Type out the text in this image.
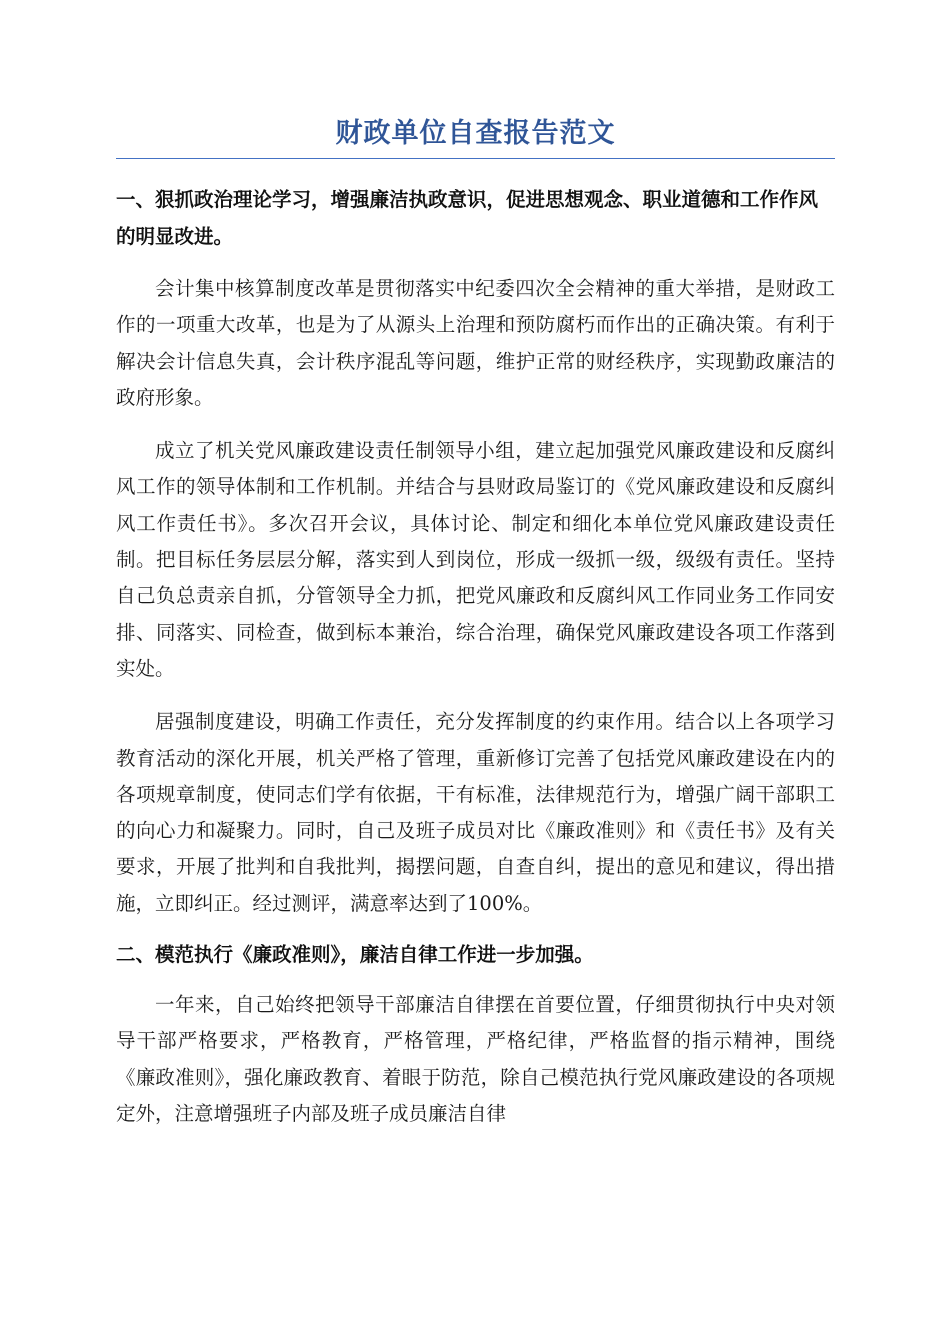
财政单位自查报告范文
一、狠抓政治理论学习，增强廉洁执政意识，促进思想观念、职业道德和工作作风的明显改进。

会计集中核算制度改革是贯彻落实中纪委四次全会精神的重大举措，是财政工作的一项重大改革，也是为了从源头上治理和预防腐朽而作出的正确决策。有利于解决会计信息失真，会计秩序混乱等问题，维护正常的财经秩序，实现勤政廉洁的政府形象。

成立了机关党风廉政建设责任制领导小组，建立起加强党风廉政建设和反腐纠风工作的领导体制和工作机制。并结合与县财政局鉴订的《党风廉政建设和反腐纠风工作责任书》。多次召开会议，具体讨论、制定和细化本单位党风廉政建设责任制。把目标任务层层分解，落实到人到岗位，形成一级抓一级，级级有责任。坚持自己负总责亲自抓，分管领导全力抓，把党风廉政和反腐纠风工作同业务工作同安排、同落实、同检查，做到标本兼治，综合治理，确保党风廉政建设各项工作落到实处。

居强制度建设，明确工作责任，充分发挥制度的约束作用。结合以上各项学习教育活动的深化开展，机关严格了管理，重新修订完善了包括党风廉政建设在内的各项规章制度，使同志们学有依据，干有标准，法律规范行为，增强广阔干部职工的向心力和凝聚力。同时，自己及班子成员对比《廉政准则》和《责任书》及有关要求，开展了批判和自我批判，揭摆问题，自查自纠，提出的意见和建议，得出措施，立即纠正。经过测评，满意率达到了100%。

二、模范执行《廉政准则》，廉洁自律工作进一步加强。

一年来，自己始终把领导干部廉洁自律摆在首要位置，仔细贯彻执行中央对领导干部严格要求，严格教育，严格管理，严格纪律，严格监督的指示精神，围绕《廉政准则》，强化廉政教育、着眼于防范，除自己模范执行党风廉政建设的各项规定外，注意增强班子内部及班子成员廉洁自律
